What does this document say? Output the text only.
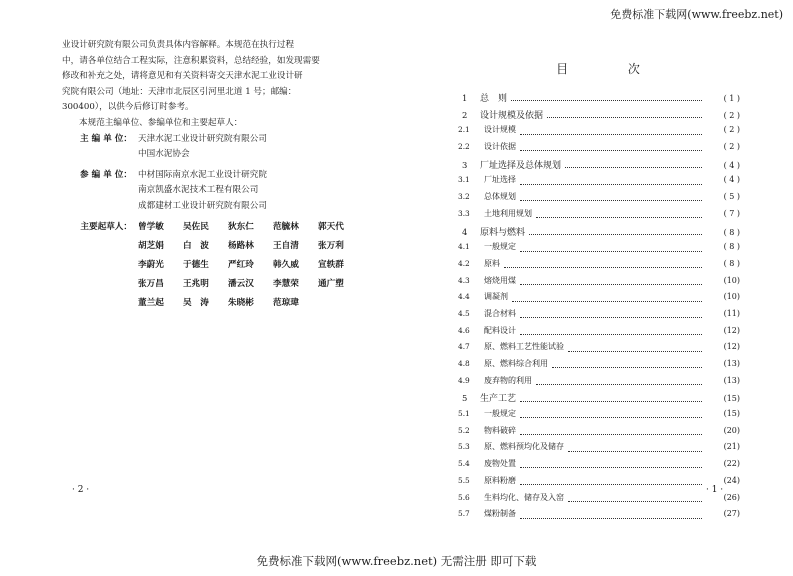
免费标准下载网(www.freebz.net)

业设计研究院有限公司负责具体内容解释。本规范在执行过程

中，请各单位结合工程实际，注意积累资料，总结经验，如发现需要

修改和补充之处，请将意见和有关资料寄交天津水泥工业设计研

究院有限公司（地址：天津市北辰区引河里北道 1 号；邮编：

300400），以供今后修订时参考。

本规范主编单位、参编单位和主要起草人：

主 编 单 位： 天津水泥工业设计研究院有限公司
中国水泥协会
参 编 单 位： 中材国际南京水泥工业设计研究院
南京凯盛水泥技术工程有限公司
成都建材工业设计研究院有限公司
主要起草人： 曾学敏	吴佐民	狄东仁	范毓林	郭天代
胡芝娟	白　波	杨路林	王自清	张万利
李蔚光	于德生	严红玲	韩久威	宣轶群
张万昌	王兆明	潘云汉	李慧荣	通广塑
董兰起	吴　涛	朱晓彬	范琼瑋
· 2 ·
目 次
1	总　则	( 1 )
2	设计规模及依据	( 2 )
2.1	设计规模	( 2 )
2.2	设计依据	( 2 )
3	厂址选择及总体规划	( 4 )
3.1	厂址选择	( 4 )
3.2	总体规划	( 5 )
3.3	土地利用规划	( 7 )
4	原料与燃料	( 8 )
4.1	一般规定	( 8 )
4.2	原料	( 8 )
4.3	熔烧用煤	(10)
4.4	调凝剂	(10)
4.5	混合材料	(11)
4.6	配料设计	(12)
4.7	原、燃料工艺性能试验	(12)
4.8	原、燃料综合利用	(13)
4.9	废弃物的利用	(13)
5	生产工艺	(15)
5.1	一般规定	(15)
5.2	物料破碎	(20)
5.3	原、燃料预均化及储存	(21)
5.4	废物处置	(22)
5.5	原料粉磨	(24)
5.6	生料均化、储存及入窑	(26)
5.7	煤粉制备	(27)
· 1 ·
免费标准下载网(www.freebz.net) 无需注册 即可下载
